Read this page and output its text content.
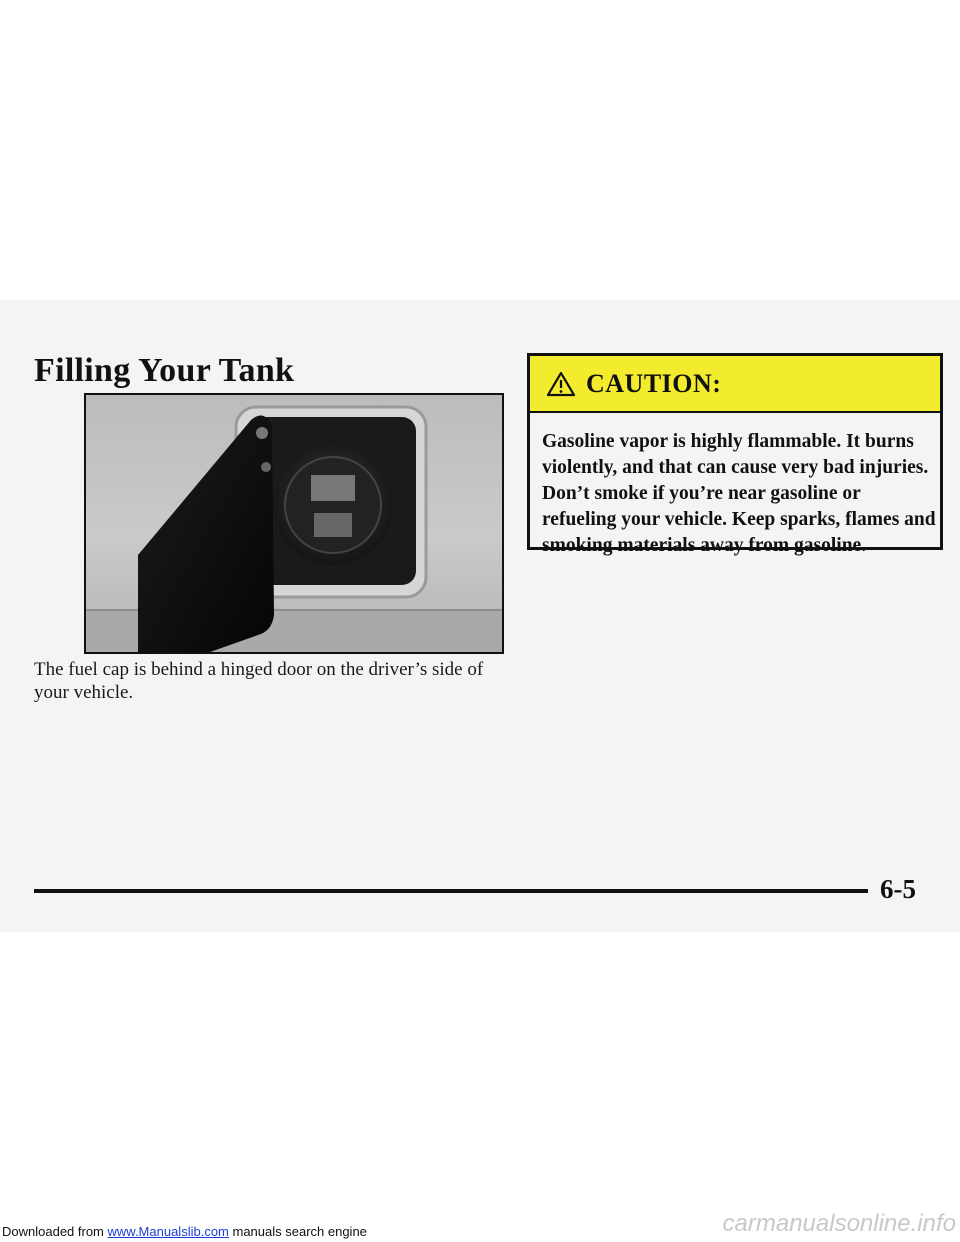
Filling Your Tank

The fuel cap is behind a hinged door on the driver’s side of your vehicle.

CAUTION:

Gasoline vapor is highly flammable. It burns violently, and that can cause very bad injuries. Don’t smoke if you’re near gasoline or refueling your vehicle. Keep sparks, flames and smoking materials away from gasoline.

6-5
Downloaded from www.Manualslib.com manuals search engine	carmanualsonline.info
